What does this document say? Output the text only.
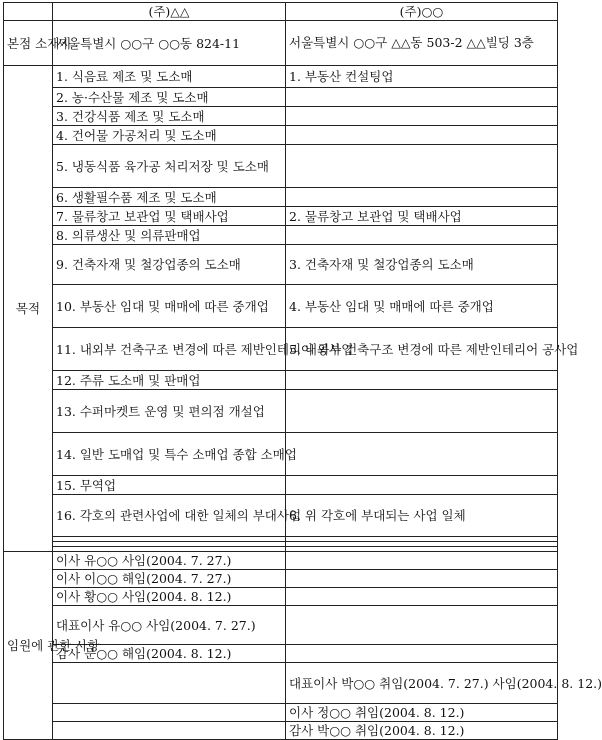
	(주)△△	(주)○○
본점 소재지	서울특별시 ○○구 ○○동 824-11	서울특별시 ○○구 △△동 503-2 △△빌딩 3층
목적	1. 식음료 제조 및 도소매	1. 부동산 컨설팅업
	2. 농·수산물 제조 및 도소매	
	3. 건강식품 제조 및 도소매	
	4. 건어물 가공처리 및 도소매	
	5. 냉동식품 육가공 처리저장 및 도소매	
	6. 생활필수품 제조 및 도소매	
	7. 물류창고 보관업 및 택배사업	2. 물류창고 보관업 및 택배사업
	8. 의류생산 및 의류판매업	
	9. 건축자재 및 철강업종의 도소매	3. 건축자재 및 철강업종의 도소매
	10. 부동산 임대 및 매매에 따른 중개업	4. 부동산 임대 및 매매에 따른 중개업
	11. 내외부 건축구조 변경에 따른 제반인테리어 공사업	5. 내외부 건축구조 변경에 따른 제반인테리어 공사업
	12. 주류 도소매 및 판매업	
	13. 수퍼마켓트 운영 및 편의점 개설업	
	14. 일반 도매업 및 특수 소매업 종합 소매업	
	15. 무역업	
	16. 각호의 관련사업에 대한 일체의 부대사업	6. 위 각호에 부대되는 사업 일체

임원에 관한 사항	이사 유○○ 사임(2004. 7. 27.)	
	이사 이○○ 해임(2004. 7. 27.)	
	이사 황○○ 사임(2004. 8. 12.)	
	대표이사 유○○ 사임(2004. 7. 27.)	
	감사 문○○ 해임(2004. 8. 12.)	
		대표이사 박○○ 취임(2004. 7. 27.) 사임(2004. 8. 12.)
		이사 정○○ 취임(2004. 8. 12.)
		감사 박○○ 취임(2004. 8. 12.)
